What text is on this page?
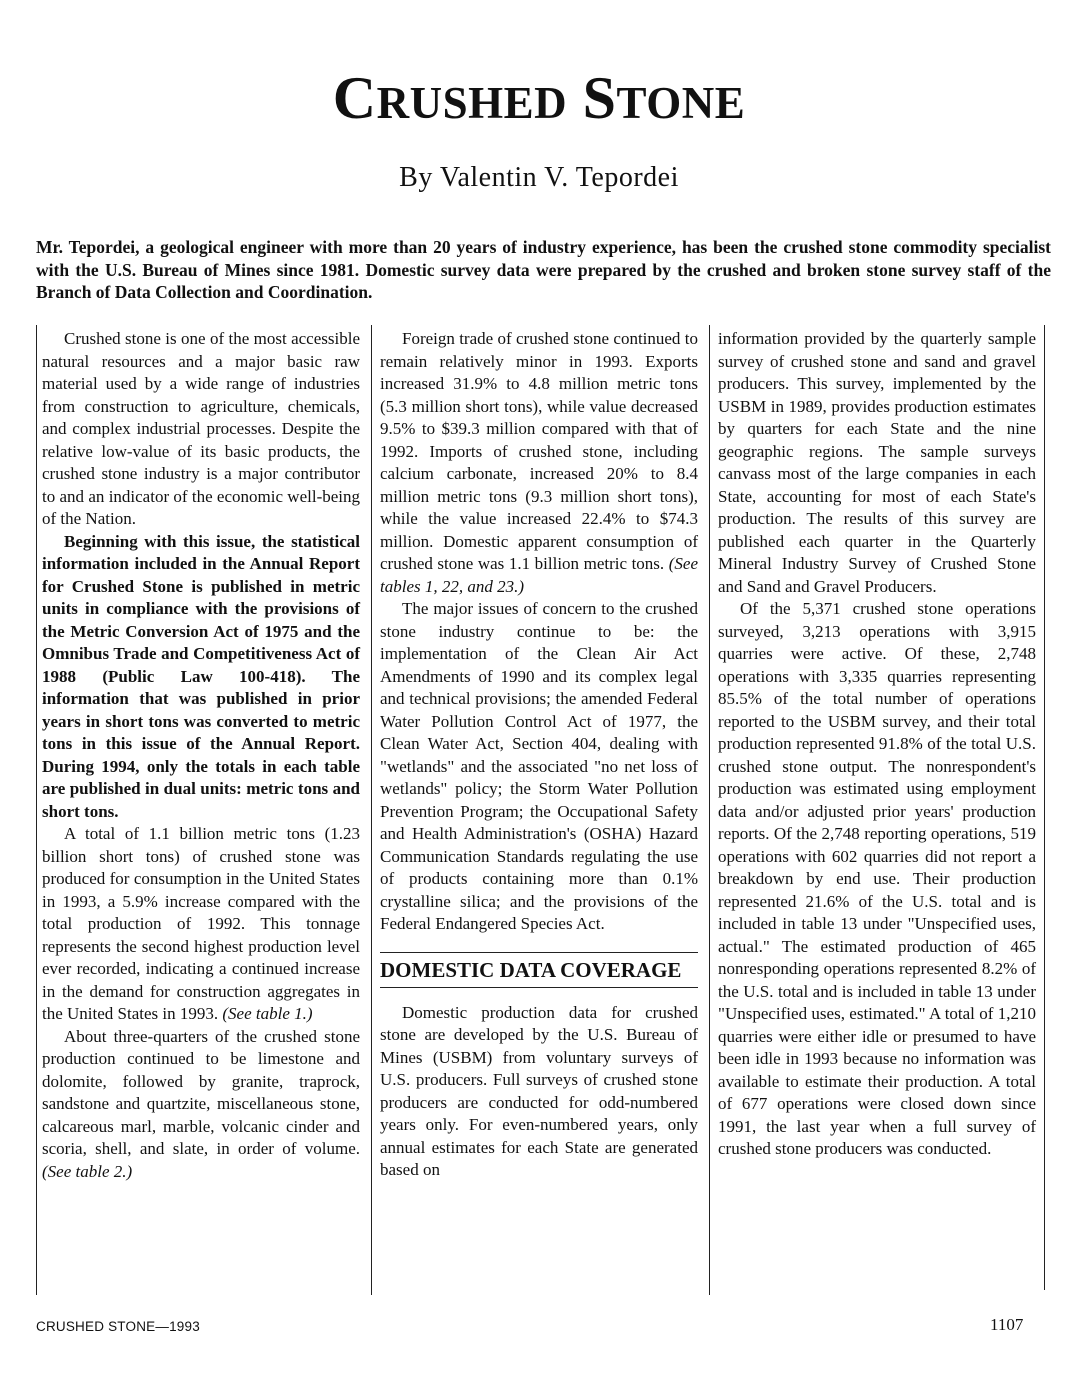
CRUSHED STONE
By Valentin V. Tepordei
Mr. Tepordei, a geological engineer with more than 20 years of industry experience, has been the crushed stone commodity specialist with the U.S. Bureau of Mines since 1981. Domestic survey data were prepared by the crushed and broken stone survey staff of the Branch of Data Collection and Coordination.

Crushed stone is one of the most accessible natural resources and a major basic raw material used by a wide range of industries from construction to agriculture, chemicals, and complex industrial processes. Despite the relative low-value of its basic products, the crushed stone industry is a major contributor to and an indicator of the economic well-being of the Nation.

Beginning with this issue, the statistical information included in the Annual Report for Crushed Stone is published in metric units in compliance with the provisions of the Metric Conversion Act of 1975 and the Omnibus Trade and Competitiveness Act of 1988 (Public Law 100-418). The information that was published in prior years in short tons was converted to metric tons in this issue of the Annual Report. During 1994, only the totals in each table are published in dual units: metric tons and short tons.

A total of 1.1 billion metric tons (1.23 billion short tons) of crushed stone was produced for consumption in the United States in 1993, a 5.9% increase compared with the total production of 1992. This tonnage represents the second highest production level ever recorded, indicating a continued increase in the demand for construction aggregates in the United States in 1993. (See table 1.)

About three-quarters of the crushed stone production continued to be limestone and dolomite, followed by granite, traprock, sandstone and quartzite, miscellaneous stone, calcareous marl, marble, volcanic cinder and scoria, shell, and slate, in order of volume. (See table 2.)

Foreign trade of crushed stone continued to remain relatively minor in 1993. Exports increased 31.9% to 4.8 million metric tons (5.3 million short tons), while value decreased 9.5% to $39.3 million compared with that of 1992. Imports of crushed stone, including calcium carbonate, increased 20% to 8.4 million metric tons (9.3 million short tons), while the value increased 22.4% to $74.3 million. Domestic apparent consumption of crushed stone was 1.1 billion metric tons. (See tables 1, 22, and 23.)

The major issues of concern to the crushed stone industry continue to be: the implementation of the Clean Air Act Amendments of 1990 and its complex legal and technical provisions; the amended Federal Water Pollution Control Act of 1977, the Clean Water Act, Section 404, dealing with "wetlands" and the associated "no net loss of wetlands" policy; the Storm Water Pollution Prevention Program; the Occupational Safety and Health Administration's (OSHA) Hazard Communication Standards regulating the use of products containing more than 0.1% crystalline silica; and the provisions of the Federal Endangered Species Act.

DOMESTIC DATA COVERAGE

Domestic production data for crushed stone are developed by the U.S. Bureau of Mines (USBM) from voluntary surveys of U.S. producers. Full surveys of crushed stone producers are conducted for odd-numbered years only. For even-numbered years, only annual estimates for each State are generated based on

information provided by the quarterly sample survey of crushed stone and sand and gravel producers. This survey, implemented by the USBM in 1989, provides production estimates by quarters for each State and the nine geographic regions. The sample surveys canvass most of the large companies in each State, accounting for most of each State's production. The results of this survey are published each quarter in the Quarterly Mineral Industry Survey of Crushed Stone and Sand and Gravel Producers.

Of the 5,371 crushed stone operations surveyed, 3,213 operations with 3,915 quarries were active. Of these, 2,748 operations with 3,335 quarries representing 85.5% of the total number of operations reported to the USBM survey, and their total production represented 91.8% of the total U.S. crushed stone output. The nonrespondent's production was estimated using employment data and/or adjusted prior years' production reports. Of the 2,748 reporting operations, 519 operations with 602 quarries did not report a breakdown by end use. Their production represented 21.6% of the U.S. total and is included in table 13 under "Unspecified uses, actual." The estimated production of 465 nonresponding operations represented 8.2% of the U.S. total and is included in table 13 under "Unspecified uses, estimated." A total of 1,210 quarries were either idle or presumed to have been idle in 1993 because no information was available to estimate their production. A total of 677 operations were closed down since 1991, the last year when a full survey of crushed stone producers was conducted.

CRUSHED STONE—1993	1107
